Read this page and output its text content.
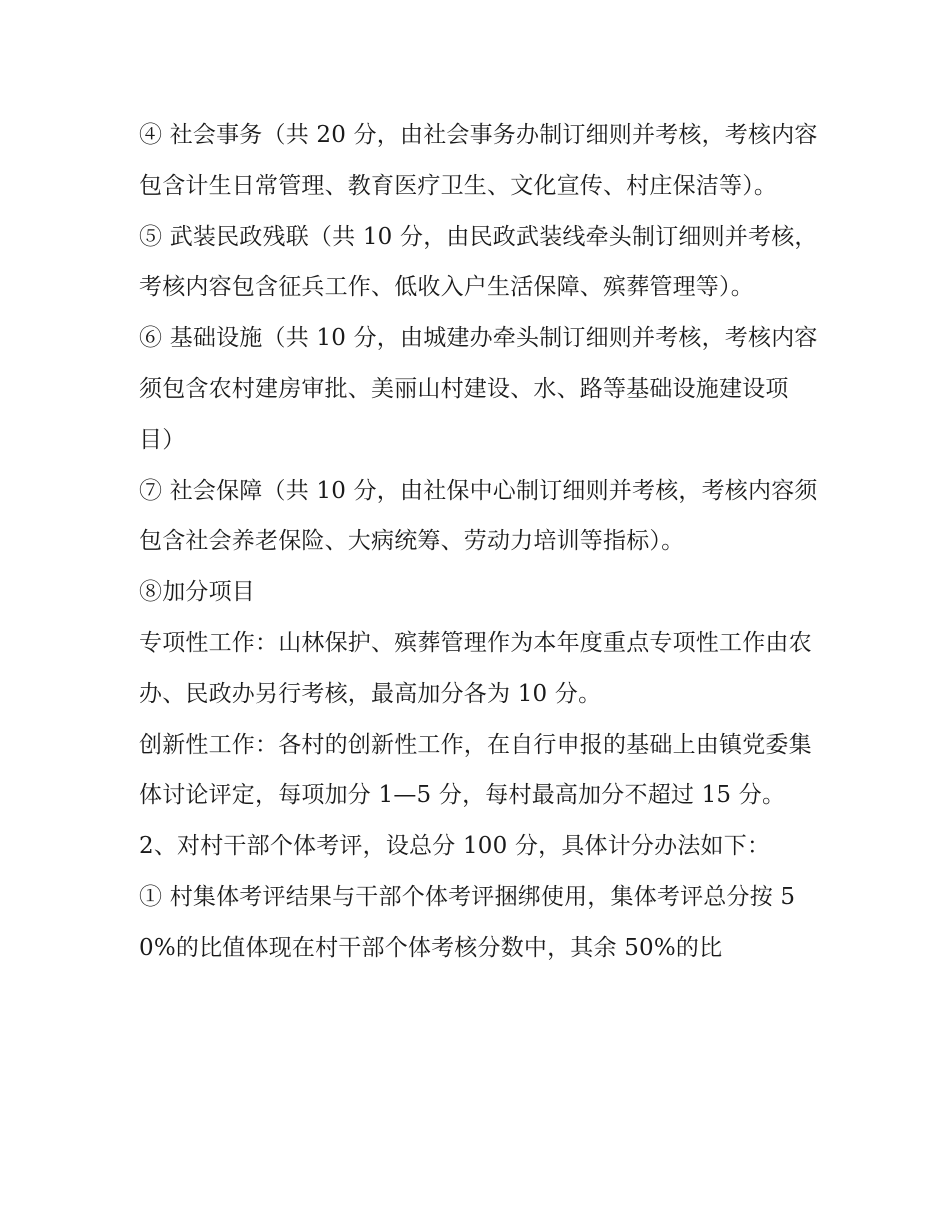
④ 社会事务（共 20 分，由社会事务办制订细则并考核，考核内容包含计生日常管理、教育医疗卫生、文化宣传、村庄保洁等）。

⑤ 武装民政残联（共 10 分，由民政武装线牵头制订细则并考核，考核内容包含征兵工作、低收入户生活保障、殡葬管理等）。

⑥ 基础设施（共 10 分，由城建办牵头制订细则并考核，考核内容须包含农村建房审批、美丽山村建设、水、路等基础设施建设项目）

⑦ 社会保障（共 10 分，由社保中心制订细则并考核，考核内容须包含社会养老保险、大病统筹、劳动力培训等指标）。

⑧加分项目

专项性工作：山林保护、殡葬管理作为本年度重点专项性工作由农办、民政办另行考核，最高加分各为 10 分。

创新性工作：各村的创新性工作，在自行申报的基础上由镇党委集体讨论评定，每项加分 1—5 分，每村最高加分不超过 15 分。

2、对村干部个体考评，设总分 100 分，具体计分办法如下：

① 村集体考评结果与干部个体考评捆绑使用，集体考评总分按 50%的比值体现在村干部个体考核分数中，其余 50%的比
